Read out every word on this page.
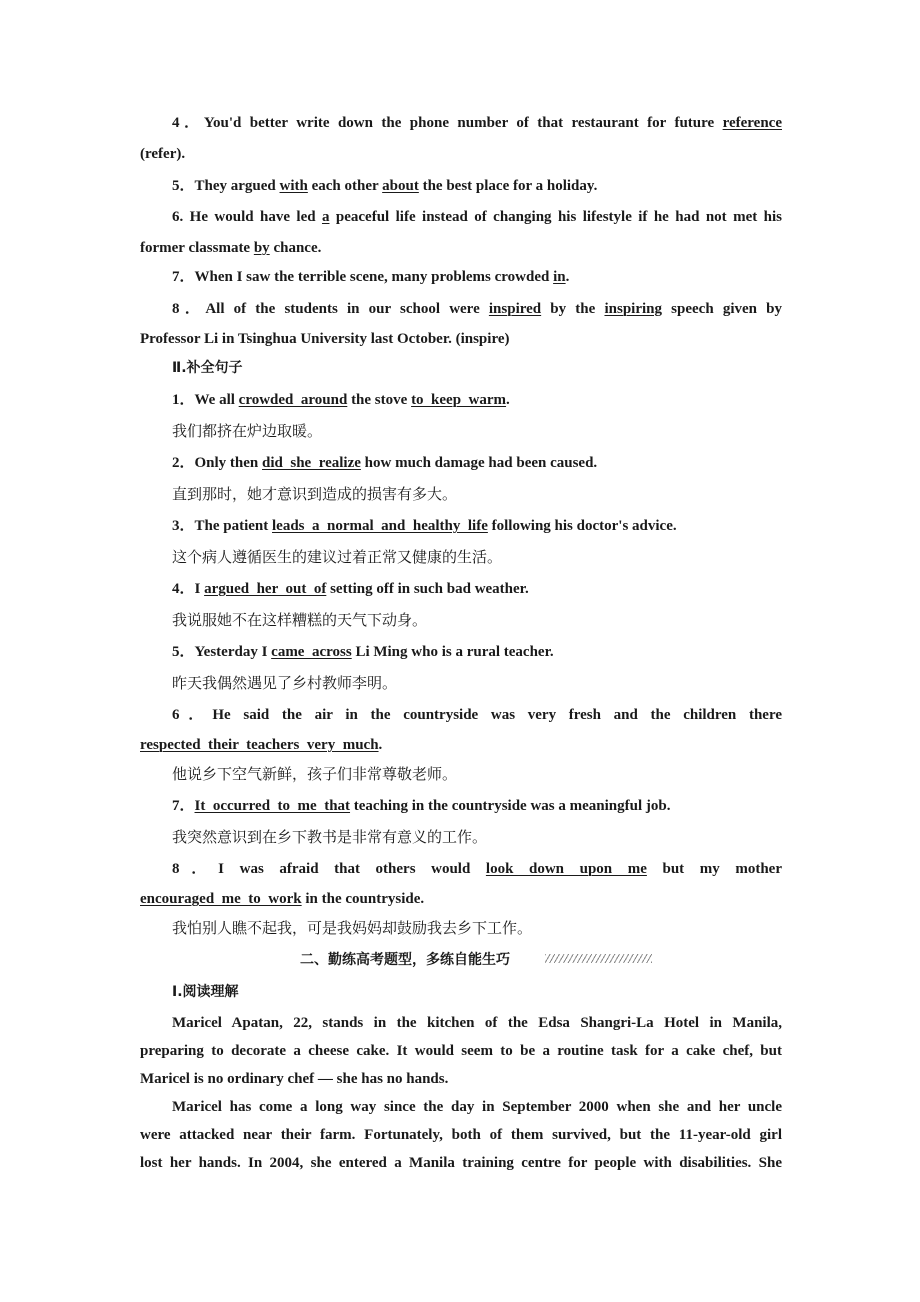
4．You'd better write down the phone number of that restaurant for future reference
(refer).
5．They argued with each other about the best place for a holiday.
6. He would have led a peaceful life instead of changing his lifestyle if he had not met his
former classmate by chance.
7．When I saw the terrible scene, many problems crowded in.
8．All of the students in our school were inspired by the inspiring speech given by
Professor Li in Tsinghua University last October. (inspire)
Ⅱ.补全句子
1．We all crowded  around the stove to  keep  warm.
我们都挤在炉边取暖。
2．Only then did  she  realize how much damage had been caused.
直到那时，她才意识到造成的损害有多大。
3．The patient leads  a  normal  and  healthy  life following his doctor's advice.
这个病人遵循医生的建议过着正常又健康的生活。
4．I argued  her  out  of setting off in such bad weather.
我说服她不在这样糟糕的天气下动身。
5．Yesterday I came  across Li Ming who is a rural teacher.
昨天我偶然遇见了乡村教师李明。
6．He said the air in the countryside was very fresh and the children there
respected  their  teachers  very  much.
他说乡下空气新鲜，孩子们非常尊敬老师。
7．It  occurred  to  me  that teaching in the countryside was a meaningful job.
我突然意识到在乡下教书是非常有意义的工作。
8．I was afraid that others would look down upon me but my mother
encouraged  me  to  work in the countryside.
我怕别人瞧不起我，可是我妈妈却鼓励我去乡下工作。
二、勤练高考题型，多练自能生巧
Ⅰ.阅读理解
Maricel Apatan, 22, stands in the kitchen of the Edsa Shangri-La Hotel in Manila,
preparing to decorate a cheese cake. It would seem to be a routine task for a cake chef, but
Maricel is no ordinary chef — she has no hands.
Maricel has come a long way since the day in September 2000 when she and her uncle
were attacked near their farm. Fortunately, both of them survived, but the 11-year-old girl
lost her hands. In 2004, she entered a Manila training centre for people with disabilities. She
